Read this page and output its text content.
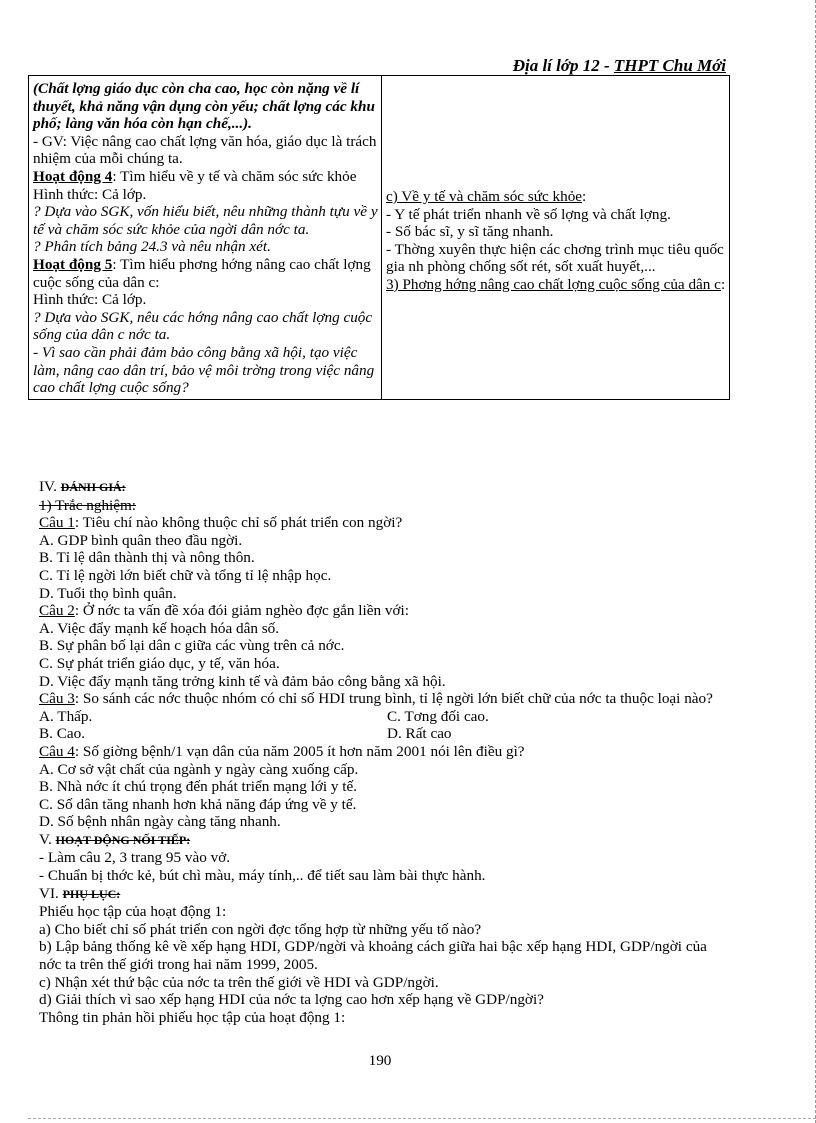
Địa lí lớp 12 - THPT Chu Mới

(Chất lợng giáo dục còn cha cao, học còn nặng về lí thuyết, khả năng vận dụng còn yếu; chất lợng các khu phố; làng văn hóa còn hạn chế,...).

- GV: Việc nâng cao chất lợng văn hóa, giáo dục là trách nhiệm của mỗi chúng ta.

Hoạt động 4: Tìm hiểu về y tế và chăm sóc sức khỏe

Hình thức: Cả lớp.

? Dựa vào SGK, vốn hiểu biết, nêu những thành tựu về y tế và chăm sóc sức khỏe của ngời dân nớc ta.

? Phân tích bảng 24.3 và nêu nhận xét.

Hoạt động 5: Tìm hiểu phơng hớng nâng cao chất lợng cuộc sống của dân c:

Hình thức: Cả lớp.

? Dựa vào SGK, nêu các hớng nâng cao chất lợng cuộc sống của dân c nớc ta.

- Vì sao cần phải đảm bảo công bằng xã hội, tạo việc làm, nâng cao dân trí, bảo vệ môi trờng trong việc nâng cao chất lợng cuộc sống?

c) Về y tế và chăm sóc sức khỏe:

- Y tế phát triển nhanh về số lợng và chất lợng.

- Số bác sĩ, y sĩ tăng nhanh.

- Thờng xuyên thực hiện các chơng trình mục tiêu quốc gia nh phòng chống sốt rét, sốt xuất huyết,...

3) Phơng hớng nâng cao chất lợng cuộc sống của dân c:

IV. ĐÁNH GIÁ:

1) Trắc nghiệm:

Câu 1: Tiêu chí nào không thuộc chỉ số phát triển con ngời?

A. GDP bình quân theo đầu ngời.

B. Tỉ lệ dân thành thị và nông thôn.

C. Tỉ lệ ngời lớn biết chữ và tổng tỉ lệ nhập học.

D. Tuổi thọ bình quân.

Câu 2: Ở nớc ta vấn đề xóa đói giảm nghèo đợc gắn liền với:

A. Việc đẩy mạnh kế hoạch hóa dân số.

B. Sự phân bố lại dân c giữa các vùng trên cả nớc.

C. Sự phát triển giáo dục, y tế, văn hóa.

D. Việc đẩy mạnh tăng trởng kinh tế và đảm bảo công bằng xã hội.

Câu 3: So sánh các nớc thuộc nhóm có chỉ số HDI trung bình, tỉ lệ ngời lớn biết chữ của nớc ta thuộc loại nào?

A. Thấp.	C. Tơng đối cao.
B. Cao.	D. Rất cao

Câu 4: Số giờng bệnh/1 vạn dân của năm 2005 ít hơn năm 2001 nói lên điều gì?

A. Cơ sở vật chất của ngành y ngày càng xuống cấp.

B. Nhà nớc ít chú trọng đến phát triển mạng lới y tế.

C. Số dân tăng nhanh hơn khả năng đáp ứng về y tế.

D. Số bệnh nhân ngày càng tăng nhanh.

V. HOẠT ĐỘNG NỐI TIẾP:

- Làm câu 2, 3 trang 95 vào vở.

- Chuẩn bị thớc kẻ, bút chì màu, máy tính,.. để tiết sau làm bài thực hành.

VI. PHỤ LỤC:

Phiếu học tập của hoạt động 1:

a) Cho biết chỉ số phát triển con ngời đợc tổng hợp từ những yếu tố nào?

b) Lập bảng thống kê về xếp hạng HDI, GDP/ngời và khoảng cách giữa hai bậc xếp hạng HDI, GDP/ngời của nớc ta trên thế giới trong hai năm 1999, 2005.

c) Nhận xét thứ bậc của nớc ta trên thế giới về HDI và GDP/ngời.

d) Giải thích vì sao xếp hạng HDI của nớc ta lợng cao hơn xếp hạng về GDP/ngời?

Thông tin phản hồi phiếu học tập của hoạt động 1:

190
